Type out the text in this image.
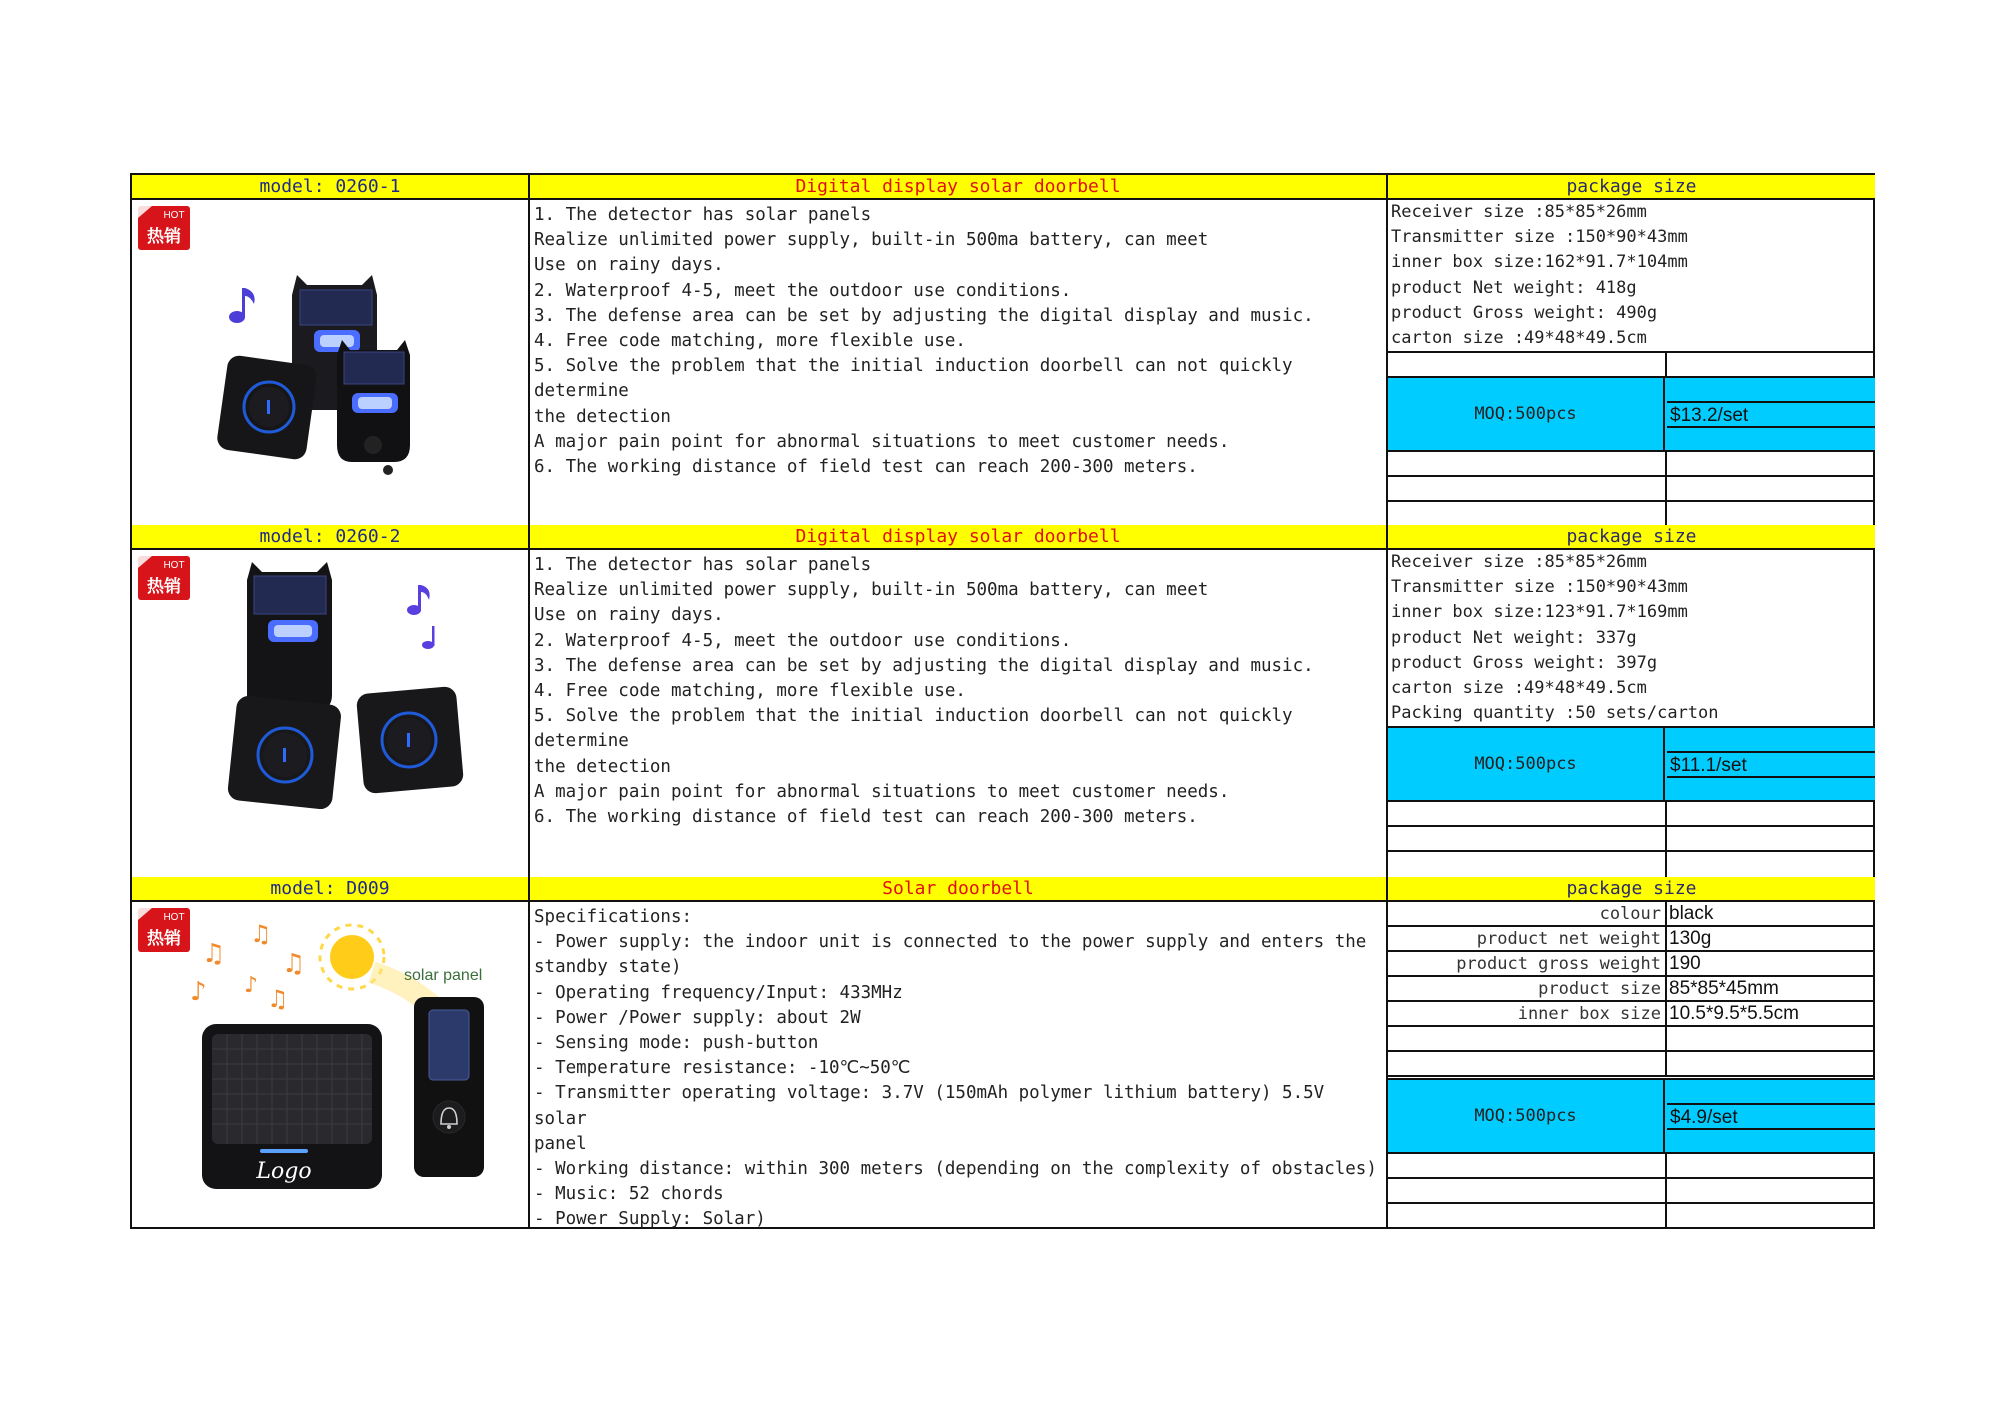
model: 0260-1	Digital display solar doorbell	package size
HOT
热销

1. The detector has solar panels

Realize unlimited power supply, built-in 500ma battery, can meet

Use on rainy days.

2. Waterproof 4-5, meet the outdoor use conditions.

3. The defense area can be set by adjusting the digital display and music.

4. Free code matching, more flexible use.

5. Solve the problem that the initial induction doorbell can not quickly determine

the detection

A major pain point for abnormal situations to meet customer needs.

6. The working distance of field test can reach 200-300 meters.

Receiver size :85*85*26mm
Transmitter size :150*90*43mm
inner box size:162*91.7*104mm
product Net weight: 418g
product Gross weight: 490g
carton size :49*48*49.5cm
MOQ:500pcs	$13.2/set
model: 0260-2	Digital display solar doorbell	package size
HOT
热销

1. The detector has solar panels

Realize unlimited power supply, built-in 500ma battery, can meet

Use on rainy days.

2. Waterproof 4-5, meet the outdoor use conditions.

3. The defense area can be set by adjusting the digital display and music.

4. Free code matching, more flexible use.

5. Solve the problem that the initial induction doorbell can not quickly determine

the detection

A major pain point for abnormal situations to meet customer needs.

6. The working distance of field test can reach 200-300 meters.

Receiver size :85*85*26mm
Transmitter size :150*90*43mm
inner box size:123*91.7*169mm
product Net weight: 337g
product Gross weight: 397g
carton size :49*48*49.5cm
Packing quantity :50 sets/carton
MOQ:500pcs	$11.1/set
model: D009	Solar doorbell	package size
HOT
热销 ♫
♪
♫
♫
♪ ♫
solar panel
Logo

Specifications:

- Power supply: the indoor unit is connected to the power supply and enters the

standby state)

- Operating frequency/Input: 433MHz

- Power /Power supply: about 2W

- Sensing mode: push-button

- Temperature resistance: -10℃~50℃

- Transmitter operating voltage: 3.7V (150mAh polymer lithium battery) 5.5V solar

panel

- Working distance: within 300 meters (depending on the complexity of obstacles)

- Music: 52 chords

- Power Supply: Solar)

colour black
product net weight 130g
product gross weight 190
product size 85*85*45mm
inner box size 10.5*9.5*5.5cm
MOQ:500pcs	$4.9/set
